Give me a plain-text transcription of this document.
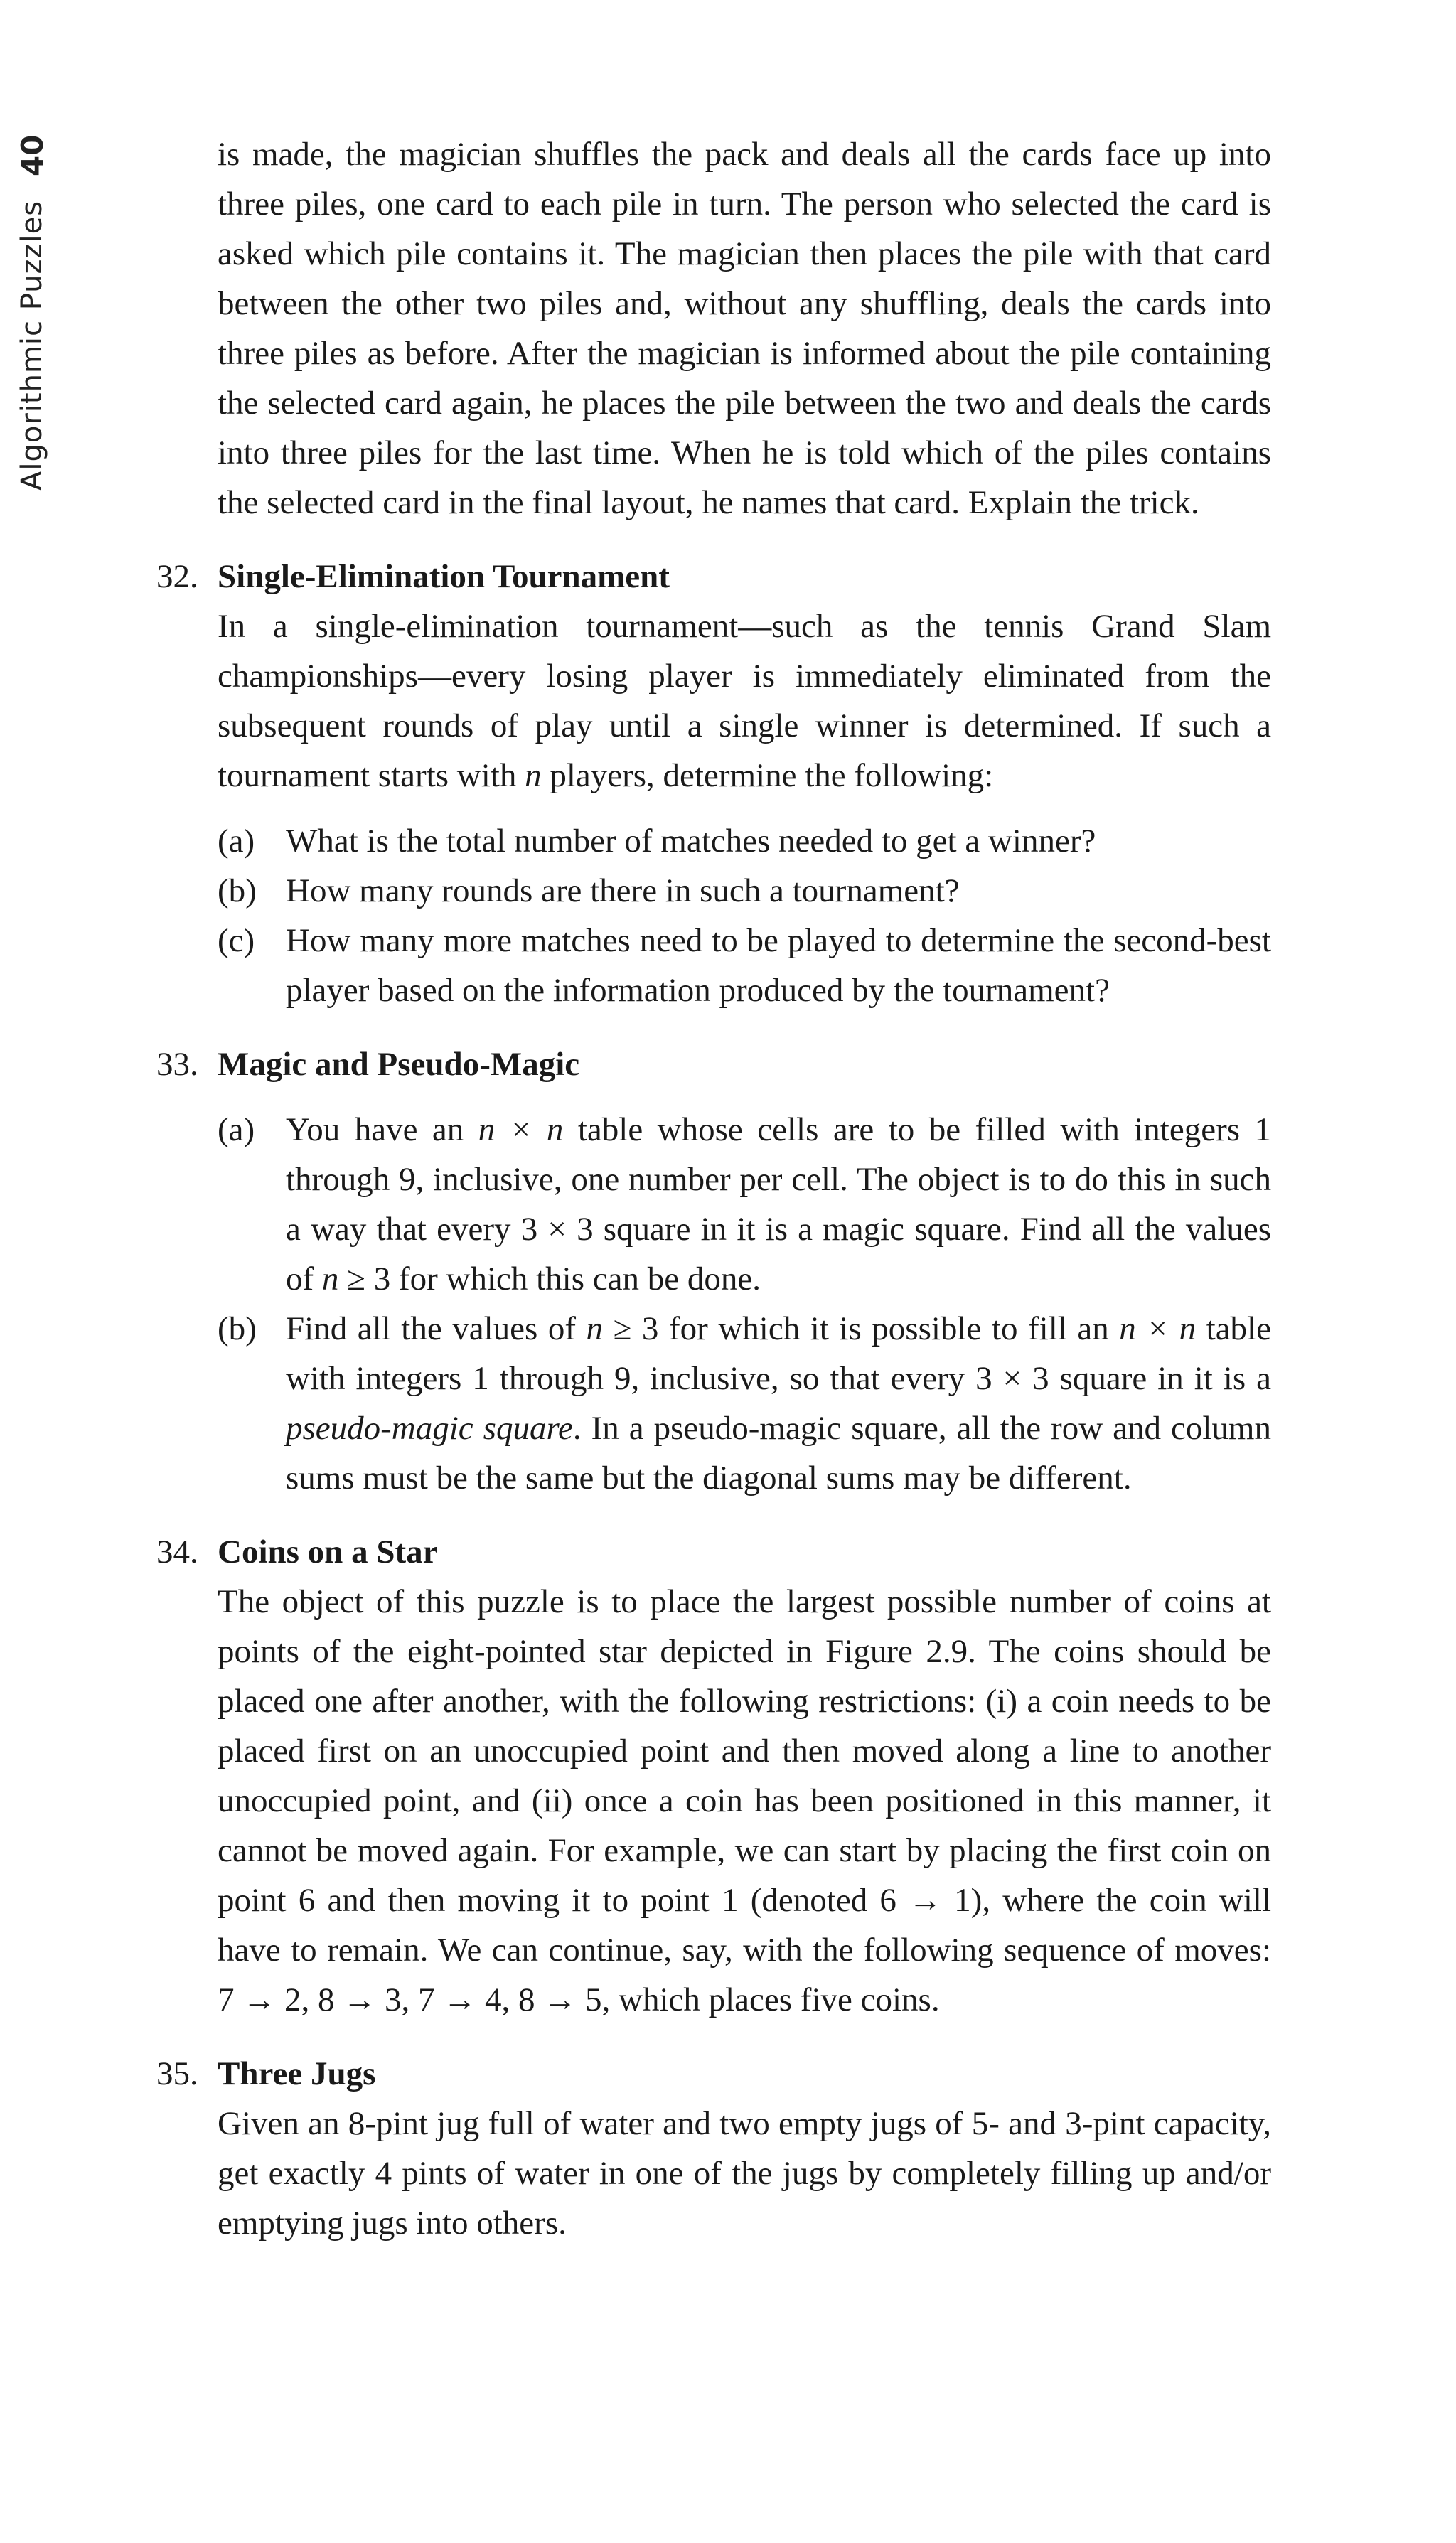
Algorithmic Puzzles
40	is made, the magician shuffles the pack and deals all the cards face up into three piles, one card to each pile in turn. The person who selected the card is asked which pile contains it. The magician then places the pile with that card between the other two piles and, without any shuffling, deals the cards into three piles as before. After the magician is informed about the pile containing the selected card again, he places the pile between the two and deals the cards into three piles for the last time. When he is told which of the piles contains the selected card in the final layout, he names that card. Explain the trick.

32. Single-Elimination Tournament

In a single-elimination tournament—such as the tennis Grand Slam championships—every losing player is immediately eliminated from the subsequent rounds of play until a single winner is determined. If such a tournament starts with n players, determine the following:

(a) What is the total number of matches needed to get a winner?
(b) How many rounds are there in such a tournament?
(c) How many more matches need to be played to determine the second-best player based on the information produced by the tournament?
33. Magic and Pseudo-Magic
(a) You have an n × n table whose cells are to be filled with integers 1 through 9, inclusive, one number per cell. The object is to do this in such a way that every 3 × 3 square in it is a magic square. Find all the values of n ≥ 3 for which this can be done.
(b) Find all the values of n ≥ 3 for which it is possible to fill an n × n table with integers 1 through 9, inclusive, so that every 3 × 3 square in it is a pseudo-magic square. In a pseudo-magic square, all the row and column sums must be the same but the diagonal sums may be different.
34. Coins on a Star

The object of this puzzle is to place the largest possible number of coins at points of the eight-pointed star depicted in Figure 2.9. The coins should be placed one after another, with the following restrictions: (i) a coin needs to be placed first on an unoccupied point and then moved along a line to another unoccupied point, and (ii) once a coin has been positioned in this manner, it cannot be moved again. For example, we can start by placing the first coin on point 6 and then moving it to point 1 (denoted 6 → 1), where the coin will have to remain. We can continue, say, with the following sequence of moves: 7 → 2, 8 → 3, 7 → 4, 8 → 5, which places five coins.

35. Three Jugs

Given an 8-pint jug full of water and two empty jugs of 5- and 3-pint capacity, get exactly 4 pints of water in one of the jugs by completely filling up and/or emptying jugs into others.
